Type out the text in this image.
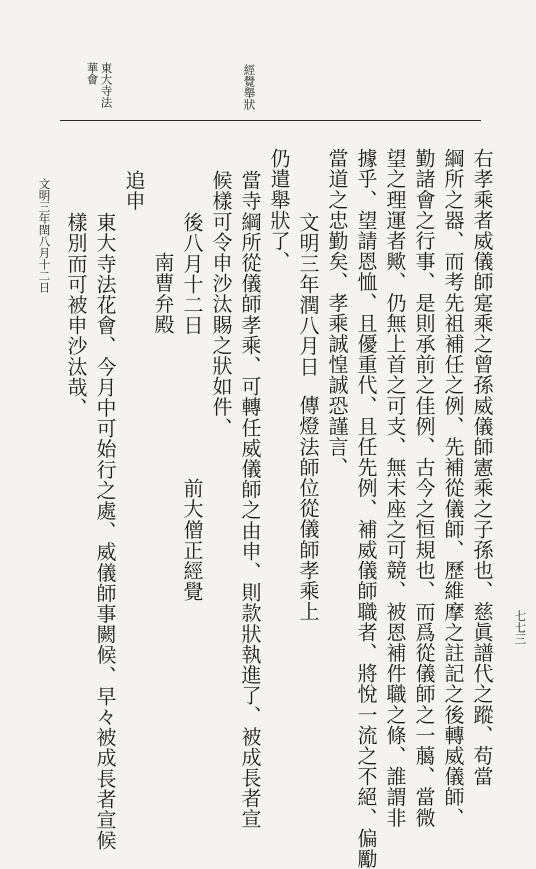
東大寺法
華會	經覺舉狀
右孝乘者威儀師寔乘之曾孫威儀師憲乘之子孫也、慈眞譜代之蹤、苟當
綱所之器、而考先祖補任之例、先補從儀師、歷維摩之註記之後轉威儀師、
勤諸會之行事、是則承前之佳例、古今之恒規也、而爲從儀師之一﨟、當微
望之理運者歟、仍無上首之可支、無末座之可競、被恩補件職之條、誰謂非
據乎、望請恩恤、且優重代、且任先例、補威儀師職者、將悅一流之不絕、偏勵
當道之忠勤矣、孝乘誠惶誠恐謹言、
文明三年潤八月日
傳燈法師位從儀師孝乘上
仍遣舉狀了、
當寺綱所從儀師孝乘、可轉任威儀師之由申、則款狀執進了、被成長者宣
候樣可令申沙汰賜之狀如件、
後八月十二日
前大僧正經覺
南曹弁殿
追申
東大寺法花會、今月中可始行之處、威儀師事闕候、早々被成長者宣候
樣別而可被申沙汰哉、
文明三年閏八月十二日
七七三
